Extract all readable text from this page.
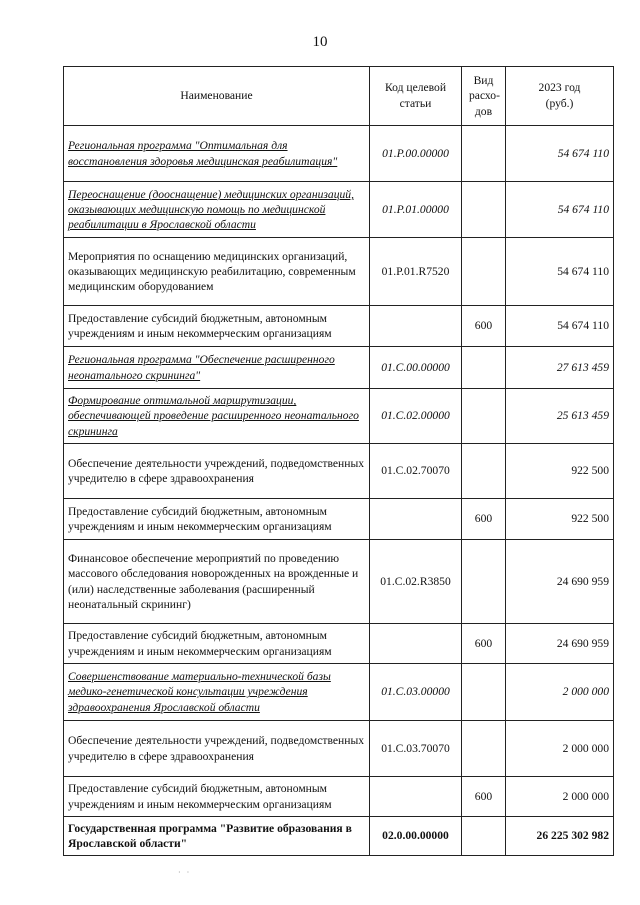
10
Наименование	Код целевой статьи	Вид расхо-дов	2023 год (руб.)
Региональная программа "Оптимальная для восстановления здоровья медицинская реабилитация"	01.Р.00.00000		54 674 110
Переоснащение (дооснащение) медицинских организаций, оказывающих медицинскую помощь по медицинской реабилитации в Ярославской области	01.Р.01.00000		54 674 110
Мероприятия по оснащению медицинских организаций, оказывающих медицинскую реабилитацию, современным медицинским оборудованием	01.Р.01.R7520		54 674 110
Предоставление субсидий бюджетным, автономным учреждениям и иным некоммерческим организациям		600	54 674 110
Региональная программа "Обеспечение расширенного неонатального скрининга"	01.С.00.00000		27 613 459
Формирование оптимальной маршрутизации, обеспечивающей проведение расширенного неонатального скрининга	01.С.02.00000		25 613 459
Обеспечение деятельности учреждений, подведомственных учредителю в сфере здравоохранения	01.С.02.70070		922 500
Предоставление субсидий бюджетным, автономным учреждениям и иным некоммерческим организациям		600	922 500
Финансовое обеспечение мероприятий по проведению массового обследования новорожденных на врожденные и (или) наследственные заболевания (расширенный неонатальный скрининг)	01.С.02.R3850		24 690 959
Предоставление субсидий бюджетным, автономным учреждениям и иным некоммерческим организациям		600	24 690 959
Совершенствование материально-технической базы медико-генетической консультации учреждения здравоохранения Ярославской области	01.С.03.00000		2 000 000
Обеспечение деятельности учреждений, подведомственных учредителю в сфере здравоохранения	01.С.03.70070		2 000 000
Предоставление субсидий бюджетным, автономным учреждениям и иным некоммерческим организациям		600	2 000 000
Государственная программа "Развитие образования в Ярославской области"	02.0.00.00000		26 225 302 982
· ·
